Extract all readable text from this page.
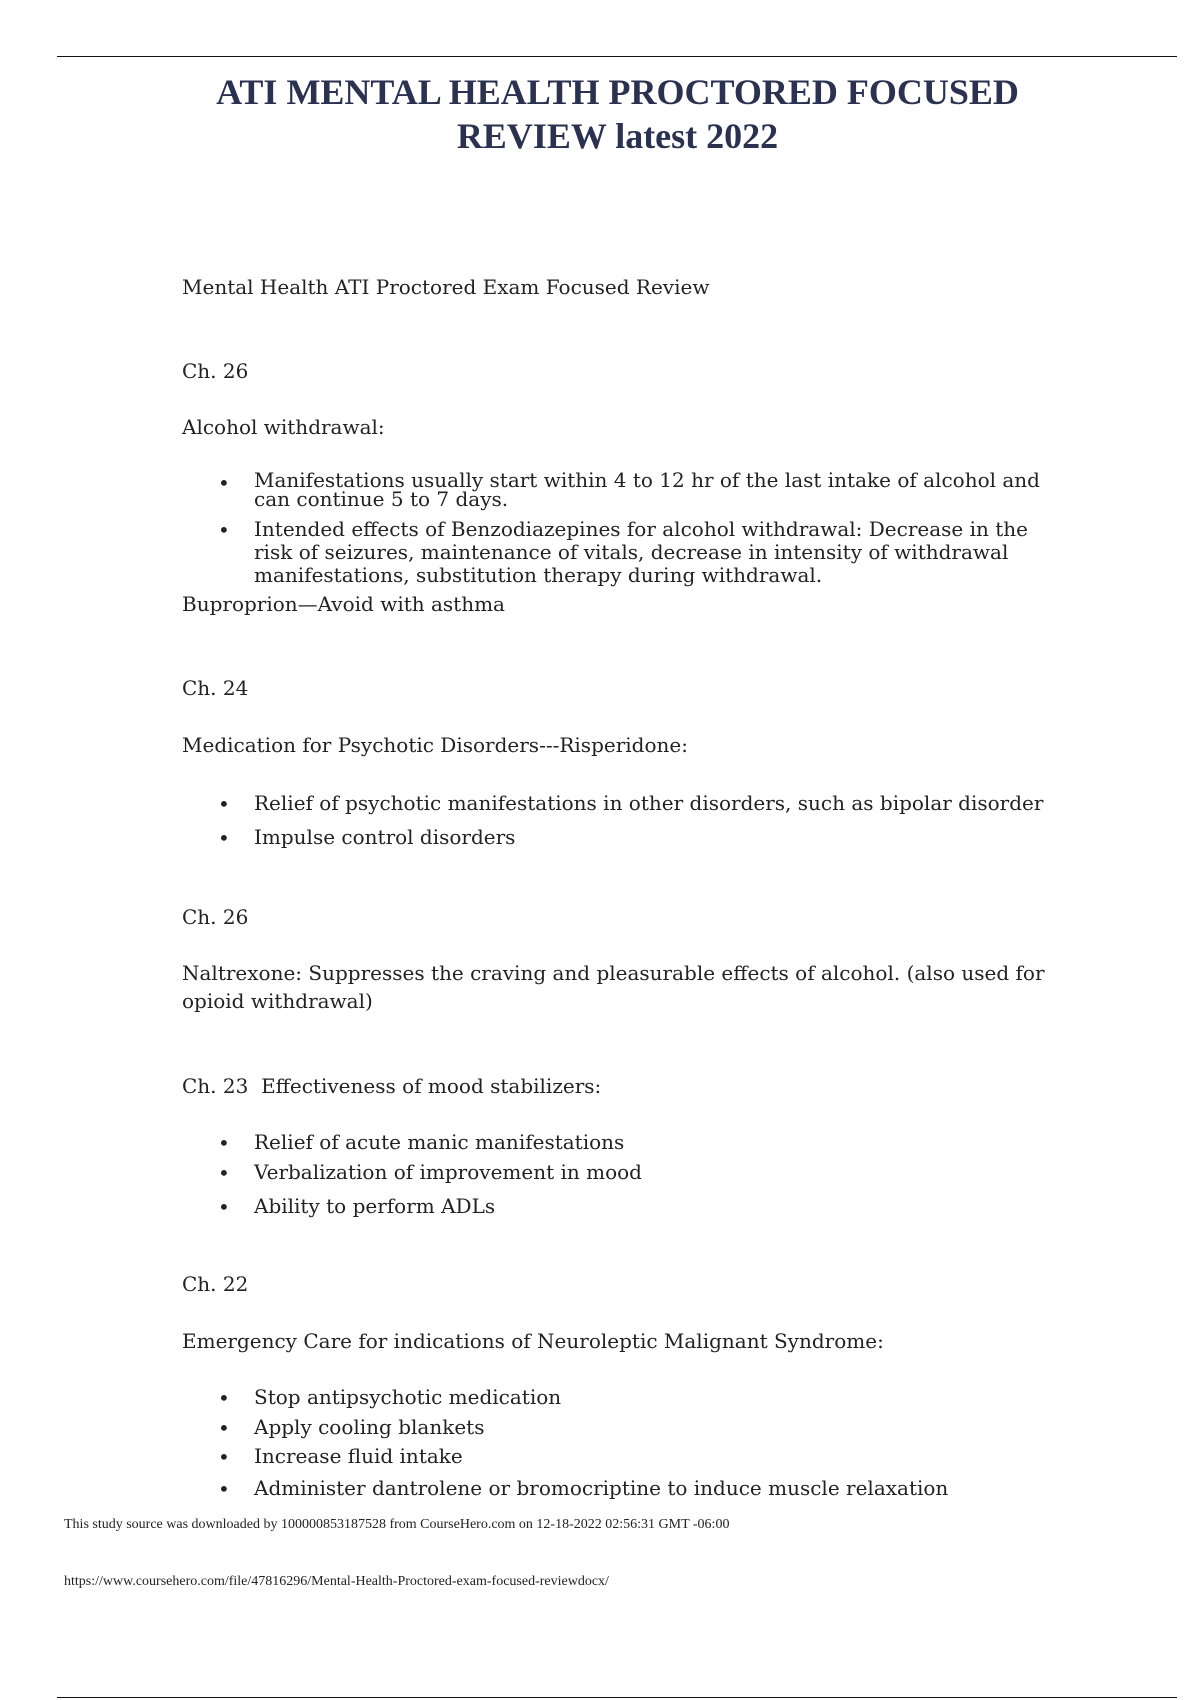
ATI MENTAL HEALTH PROCTORED FOCUSED
REVIEW latest 2022
Mental Health ATI Proctored Exam Focused Review
Ch. 26
Alcohol withdrawal:
• Manifestations usually start within 4 to 12 hr of the last intake of alcohol and can continue 5 to 7 days.
• Intended effects of Benzodiazepines for alcohol withdrawal: Decrease in the risk of seizures, maintenance of vitals, decrease in intensity of withdrawal manifestations, substitution therapy during withdrawal.
Buproprion—Avoid with asthma
Ch. 24
Medication for Psychotic Disorders---Risperidone:
• Relief of psychotic manifestations in other disorders, such as bipolar disorder
• Impulse control disorders
Ch. 26
Naltrexone: Suppresses the craving and pleasurable effects of alcohol. (also used for opioid withdrawal)
Ch. 23 Effectiveness of mood stabilizers:
• Relief of acute manic manifestations
• Verbalization of improvement in mood
• Ability to perform ADLs
Ch. 22
Emergency Care for indications of Neuroleptic Malignant Syndrome:
• Stop antipsychotic medication
• Apply cooling blankets
• Increase fluid intake
• Administer dantrolene or bromocriptine to induce muscle relaxation
This study source was downloaded by 100000853187528 from CourseHero.com on 12-18-2022 02:56:31 GMT -06:00
https://www.coursehero.com/file/47816296/Mental-Health-Proctored-exam-focused-reviewdocx/
